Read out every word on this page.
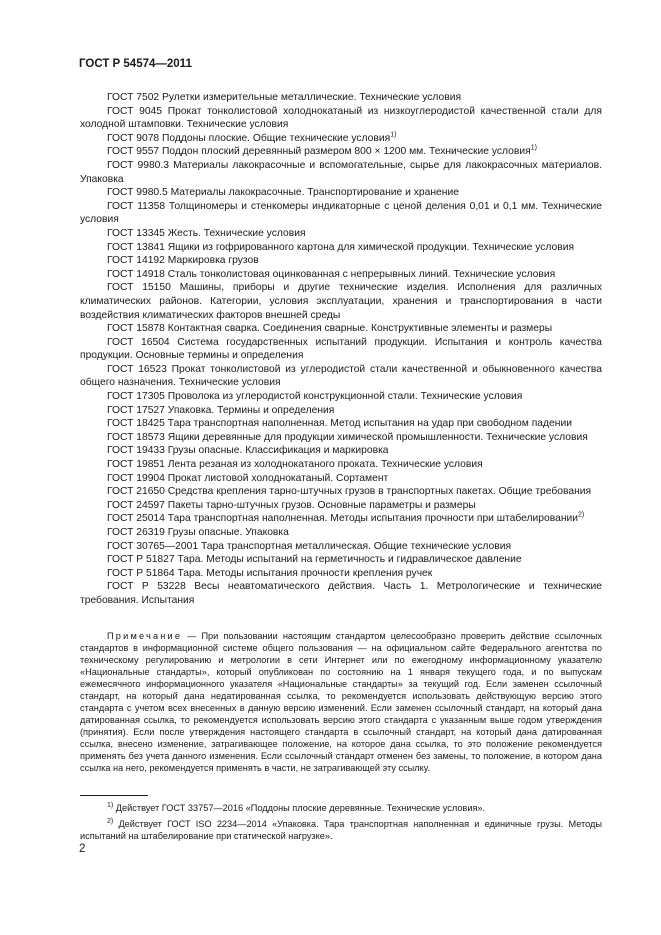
ГОСТ Р 54574—2011
ГОСТ 7502 Рулетки измерительные металлические. Технические условия
ГОСТ 9045 Прокат тонколистовой холоднокатаный из низкоуглеродистой качественной стали для холодной штамповки. Технические условия
ГОСТ 9078 Поддоны плоские. Общие технические условия$^{1)}$
ГОСТ 9557 Поддон плоский деревянный размером 800 × 1200 мм. Технические условия$^{1)}$
ГОСТ 9980.3 Материалы лакокрасочные и вспомогательные, сырье для лакокрасочных материалов. Упаковка
ГОСТ 9980.5 Материалы лакокрасочные. Транспортирование и хранение
ГОСТ 11358 Толщиномеры и стенкомеры индикаторные с ценой деления 0,01 и 0,1 мм. Технические условия
ГОСТ 13345 Жесть. Технические условия
ГОСТ 13841 Ящики из гофрированного картона для химической продукции. Технические условия
ГОСТ 14192 Маркировка грузов
ГОСТ 14918 Сталь тонколистовая оцинкованная с непрерывных линий. Технические условия
ГОСТ 15150 Машины, приборы и другие технические изделия. Исполнения для различных климатических районов. Категории, условия эксплуатации, хранения и транспортирования в части воздействия климатических факторов внешней среды
ГОСТ 15878 Контактная сварка. Соединения сварные. Конструктивные элементы и размеры
ГОСТ 16504 Система государственных испытаний продукции. Испытания и контроль качества продукции. Основные термины и определения
ГОСТ 16523 Прокат тонколистовой из углеродистой стали качественной и обыкновенного качества общего назначения. Технические условия
ГОСТ 17305 Проволока из углеродистой конструкционной стали. Технические условия
ГОСТ 17527 Упаковка. Термины и определения
ГОСТ 18425 Тара транспортная наполненная. Метод испытания на удар при свободном падении
ГОСТ 18573 Ящики деревянные для продукции химической промышленности. Технические условия
ГОСТ 19433 Грузы опасные. Классификация и маркировка
ГОСТ 19851 Лента резаная из холоднокатаного проката. Технические условия
ГОСТ 19904 Прокат листовой холоднокатаный. Сортамент
ГОСТ 21650 Средства крепления тарно-штучных грузов в транспортных пакетах. Общие требования
ГОСТ 24597 Пакеты тарно-штучных грузов. Основные параметры и размеры
ГОСТ 25014 Тара транспортная наполненная. Методы испытания прочности при штабелировании$^{2)}$
ГОСТ 26319 Грузы опасные. Упаковка
ГОСТ 30765—2001 Тара транспортная металлическая. Общие технические условия
ГОСТ Р 51827 Тара. Методы испытаний на герметичность и гидравлическое давление
ГОСТ Р 51864 Тара. Методы испытания прочности крепления ручек
ГОСТ Р 53228 Весы неавтоматического действия. Часть 1. Метрологические и технические требования. Испытания
Примечание — При пользовании настоящим стандартом целесообразно проверить действие ссылочных стандартов в информационной системе общего пользования — на официальном сайте Федерального агентства по техническому регулированию и метрологии в сети Интернет или по ежегодному информационному указателю «Национальные стандарты», который опубликован по состоянию на 1 января текущего года, и по выпускам ежемесячного информационного указателя «Национальные стандарты» за текущий год. Если заменен ссылочный стандарт, на который дана недатированная ссылка, то рекомендуется использовать действующую версию этого стандарта с учетом всех внесенных в данную версию изменений. Если заменен ссылочный стандарт, на который дана датированная ссылка, то рекомендуется использовать версию этого стандарта с указанным выше годом утверждения (принятия). Если после утверждения настоящего стандарта в ссылочный стандарт, на который дана датированная ссылка, внесено изменение, затрагивающее положение, на которое дана ссылка, то это положение рекомендуется применять без учета данного изменения. Если ссылочный стандарт отменен без замены, то положение, в котором дана ссылка на него, рекомендуется применять в части, не затрагивающей эту ссылку.
$^{1)}$ Действует ГОСТ 33757—2016 «Поддоны плоские деревянные. Технические условия».
$^{2)}$ Действует ГОСТ ISO 2234—2014 «Упаковка. Тара транспортная наполненная и единичные грузы. Методы испытаний на штабелирование при статической нагрузке».
2
